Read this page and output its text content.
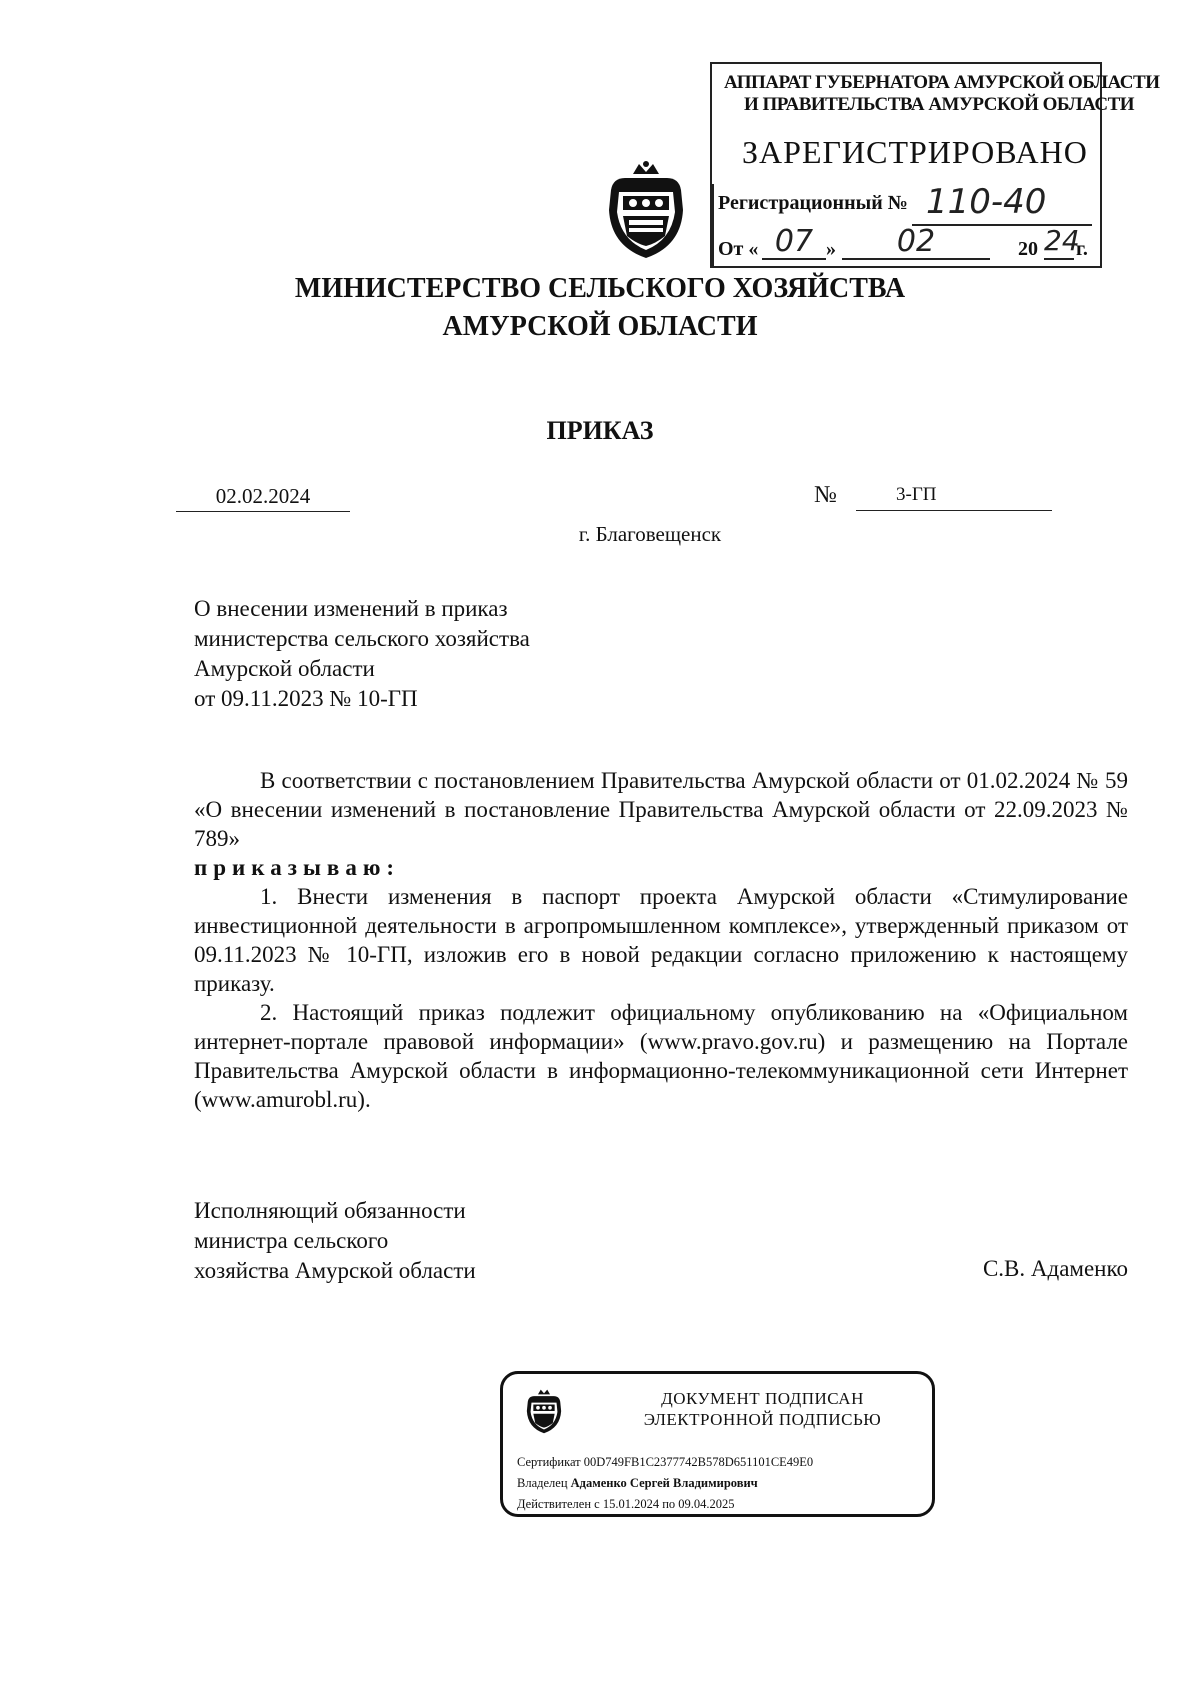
АППАРАТ ГУБЕРНАТОРА АМУРСКОЙ ОБЛАСТИ
И ПРАВИТЕЛЬСТВА АМУРСКОЙ ОБЛАСТИ
ЗАРЕГИСТРИРОВАНО
Регистрационный № 110-40
От « 07 »	02	20 24
г.
МИНИСТЕРСТВО СЕЛЬСКОГО ХОЗЯЙСТВА
АМУРСКОЙ ОБЛАСТИ
ПРИКАЗ
02.02.2024	№	3-ГП
г. Благовещенск
О внесении изменений в приказ
министерства сельского хозяйства
Амурской области
от 09.11.2023 № 10-ГП

В соответствии с постановлением Правительства Амурской области от 01.02.2024 № 59 «О внесении изменений в постановление Правительства Амурской области от 22.09.2023 № 789»

приказываю:

1. Внести изменения в паспорт проекта Амурской области «Стимулирование инвестиционной деятельности в агропромышленном комплексе», утвержденный приказом от 09.11.2023 № 10-ГП, изложив его в новой редакции согласно приложению к настоящему приказу.

2. Настоящий приказ подлежит официальному опубликованию на «Официальном интернет-портале правовой информации» (www.pravo.gov.ru) и размещению на Портале Правительства Амурской области в информационно-телекоммуникационной сети Интернет (www.amurobl.ru).

Исполняющий обязанности
министра сельского
хозяйства Амурской области	С.В. Адаменко
ДОКУМЕНТ ПОДПИСАН
ЭЛЕКТРОННОЙ ПОДПИСЬЮ
Сертификат 00D749FB1C2377742B578D651101CE49E0
Владелец Адаменко Сергей Владимирович
Действителен с 15.01.2024 по 09.04.2025
